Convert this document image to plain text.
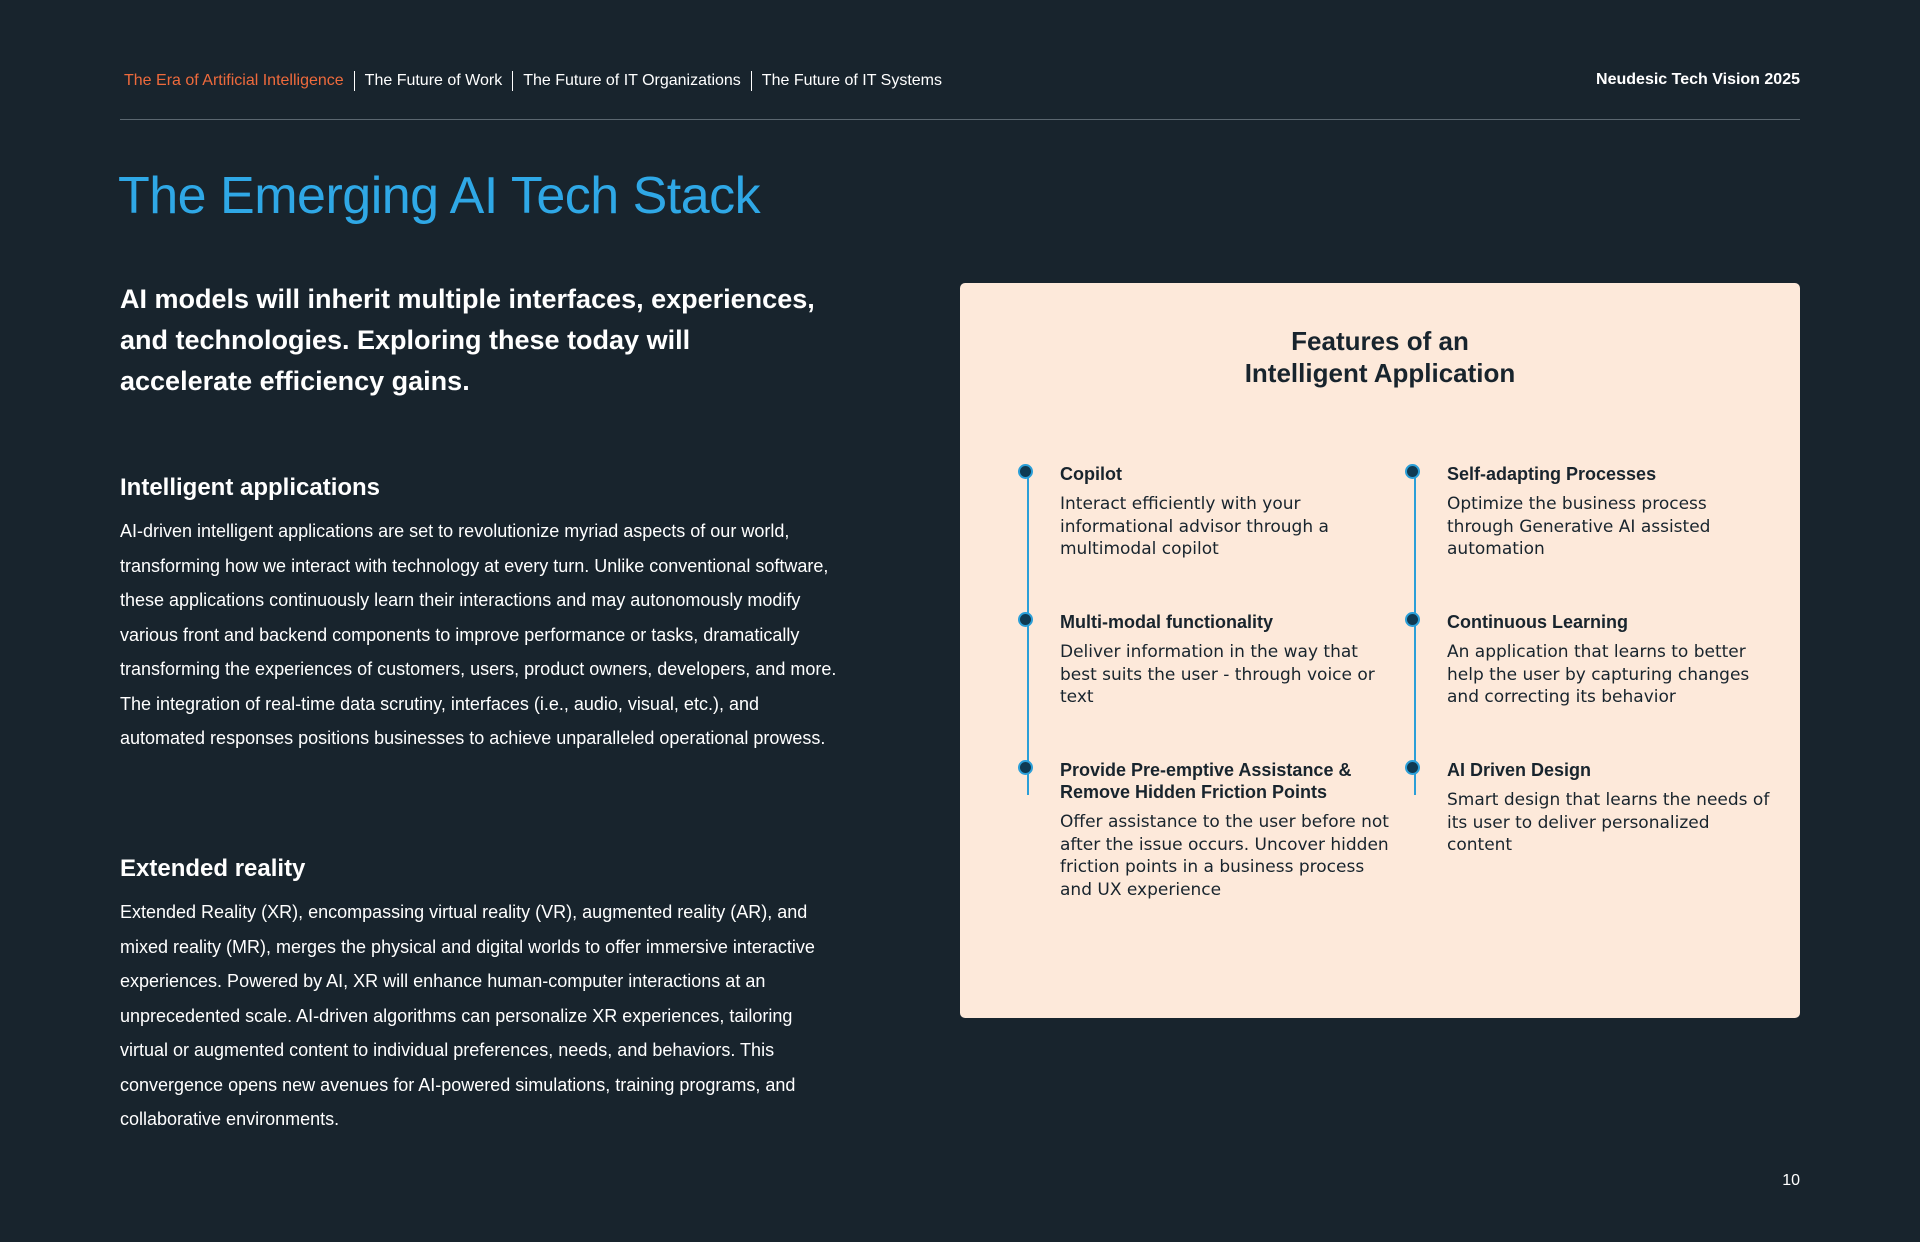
The Era of Artificial Intelligence	The Future of Work	The Future of IT Organizations	The Future of IT Systems	Neudesic Tech Vision 2025
The Emerging AI Tech Stack

AI models will inherit multiple interfaces, experiences, and technologies. Exploring these today will accelerate efficiency gains.

Intelligent applications

AI-driven intelligent applications are set to revolutionize myriad aspects of our world, transforming how we interact with technology at every turn. Unlike conventional software, these applications continuously learn their interactions and may autonomously modify various front and backend components to improve performance or tasks, dramatically transforming the experiences of customers, users, product owners, developers, and more. The integration of real-time data scrutiny, interfaces (i.e., audio, visual, etc.), and automated responses positions businesses to achieve unparalleled operational prowess.

Extended reality

Extended Reality (XR), encompassing virtual reality (VR), augmented reality (AR), and mixed reality (MR), merges the physical and digital worlds to offer immersive interactive experiences. Powered by AI, XR will enhance human-computer interactions at an unprecedented scale. AI-driven algorithms can personalize XR experiences, tailoring virtual or augmented content to individual preferences, needs, and behaviors. This convergence opens new avenues for AI-powered simulations, training programs, and collaborative environments.

Features of an
Intelligent Application

Copilot

Interact efficiently with your informational advisor through a multimodal copilot

Self-adapting Processes

Optimize the business process through Generative AI assisted automation

Multi-modal functionality

Deliver information in the way that best suits the user - through voice or text

Continuous Learning

An application that learns to better help the user by capturing changes and correcting its behavior

Provide Pre-emptive Assistance & Remove Hidden Friction Points

Offer assistance to the user before not after the issue occurs. Uncover hidden friction points in a business process and UX experience

AI Driven Design

Smart design that learns the needs of its user to deliver personalized content

10
